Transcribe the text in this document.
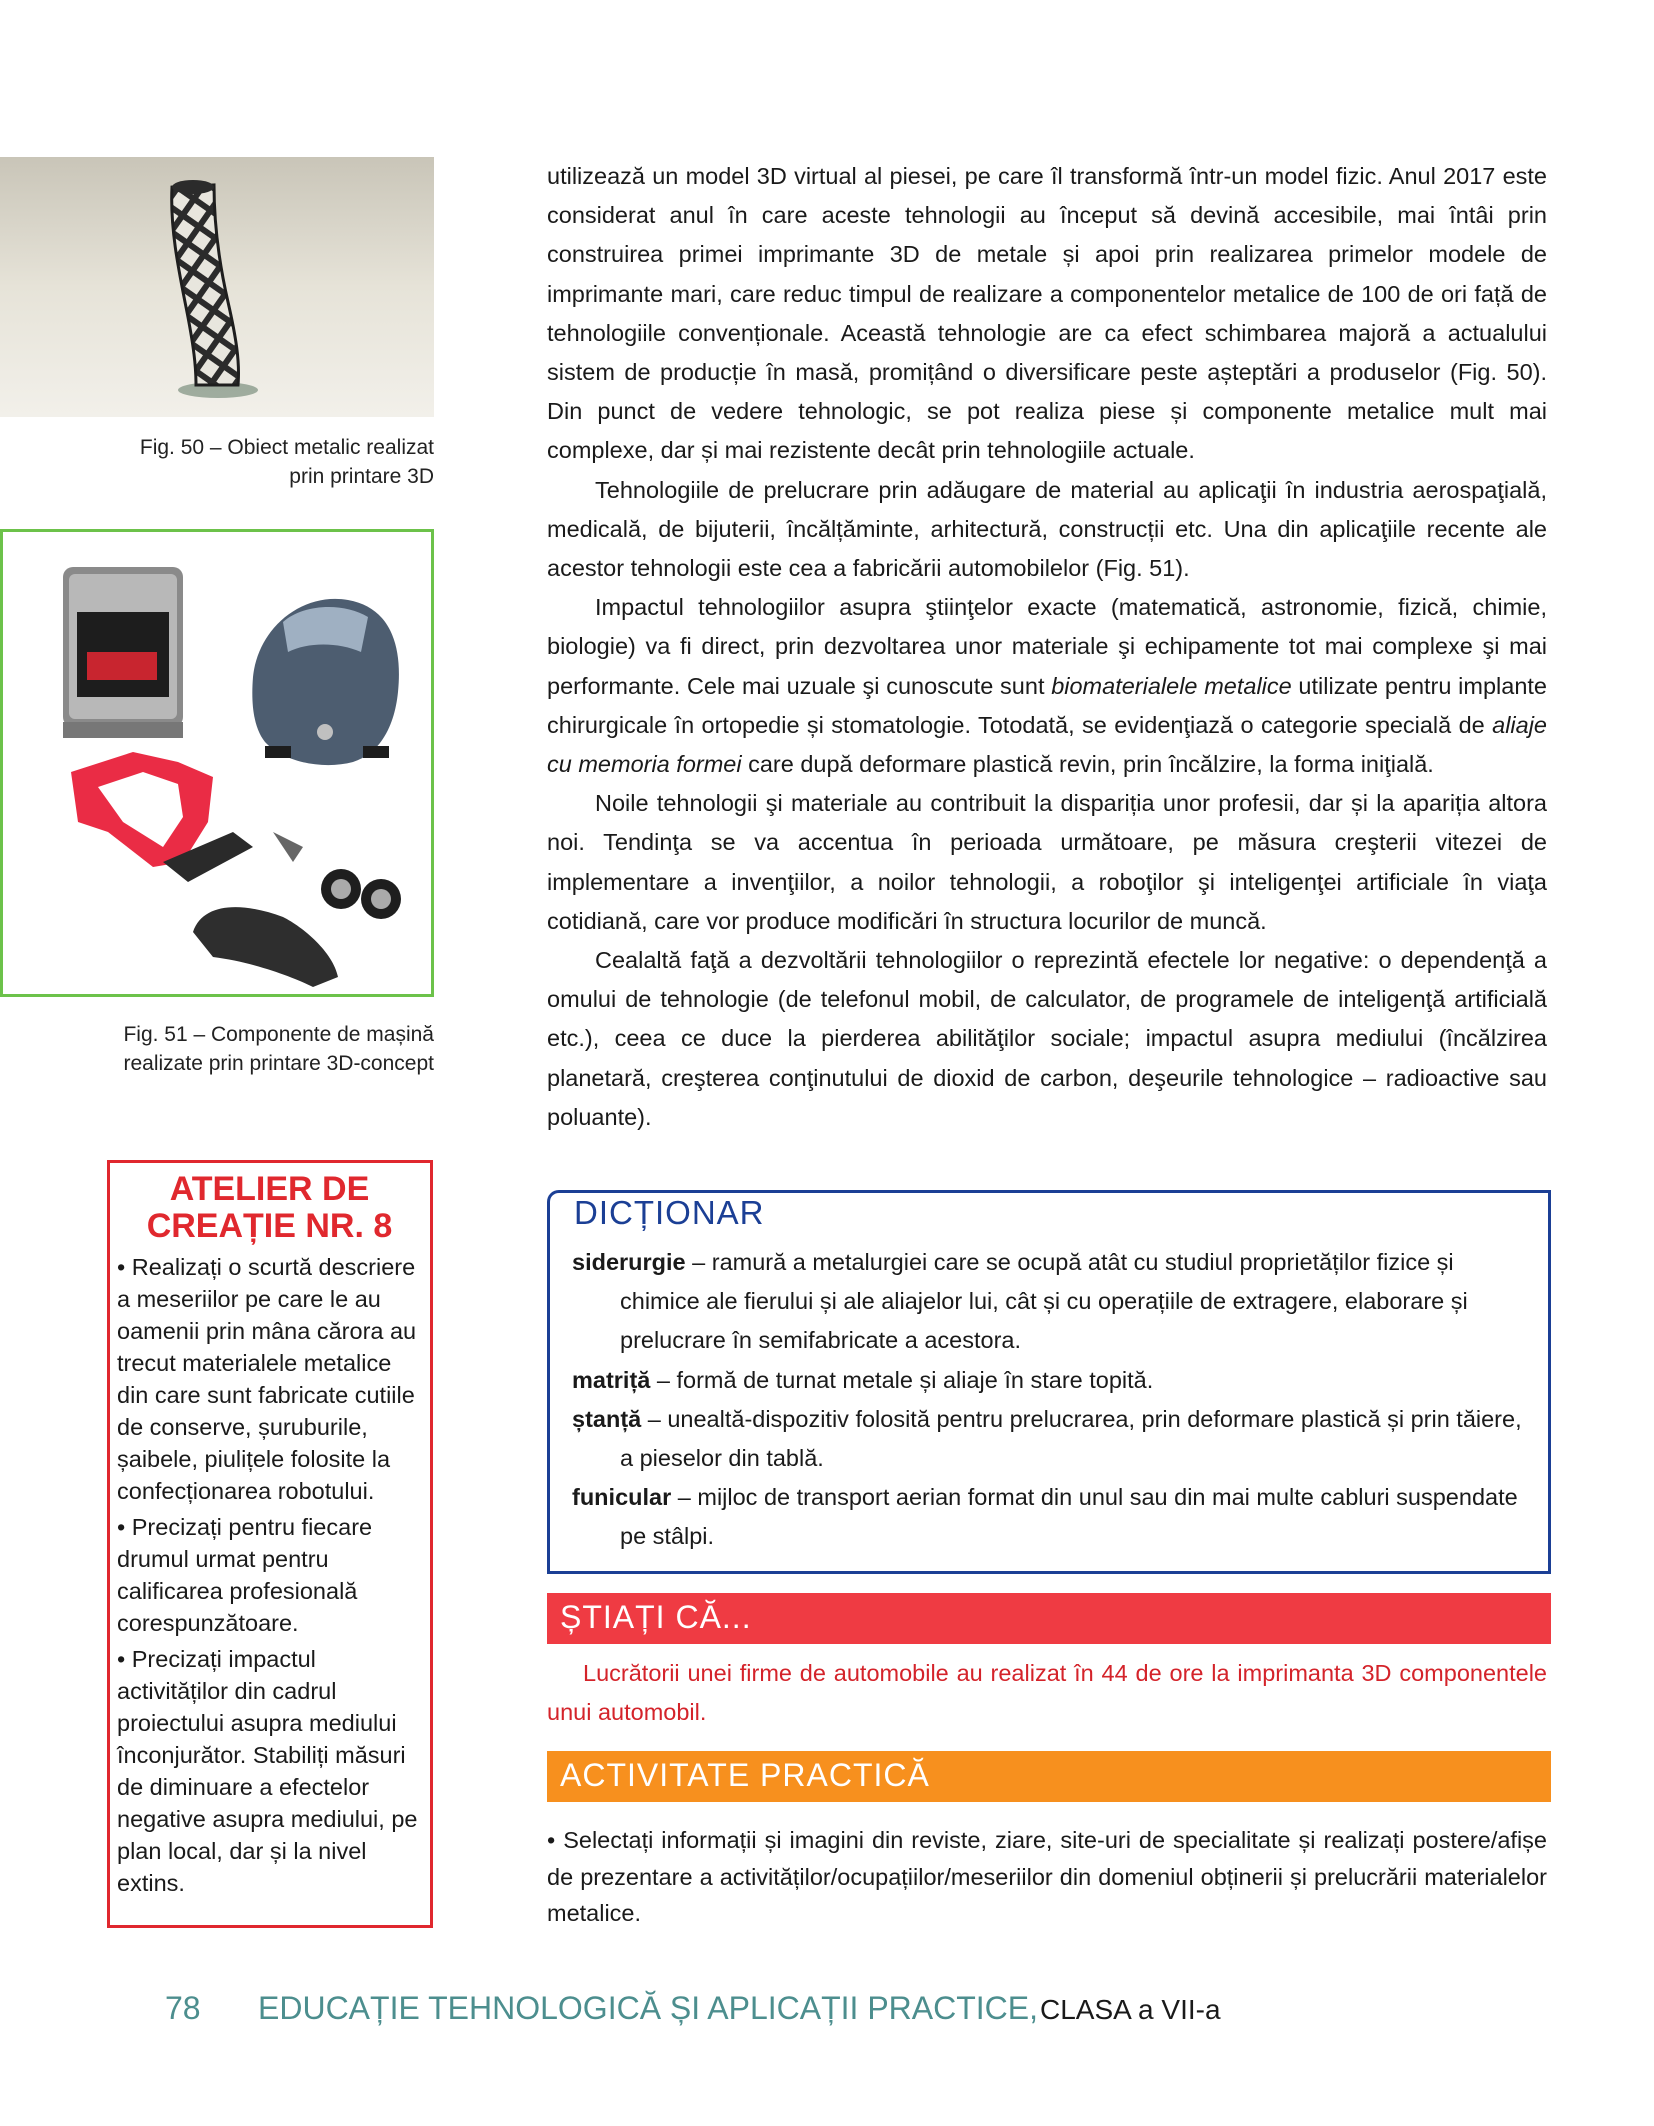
Fig. 50 – Obiect metalic realizat
prin printare 3D
Fig. 51 – Componente de mașină
realizate prin printare 3D-concept
ATELIER DE
CREAȚIE NR. 8

• Realizați o scurtă descriere a meseriilor pe care le au oamenii prin mâna cărora au trecut materialele metalice din care sunt fabricate cutiile de conserve, șuruburile, șaibele, piulițele folosite la confecționarea robotului.

• Precizați pentru fiecare drumul urmat pentru calificarea profesională corespunzătoare.

• Precizați impactul activităților din cadrul proiectului asupra mediului înconjurător. Stabiliți măsuri de diminuare a efectelor negative asupra mediului, pe plan local, dar și la nivel extins.

utilizează un model 3D virtual al piesei, pe care îl transformă într-un model fizic. Anul 2017 este considerat anul în care aceste tehnologii au început să devină accesibile, mai întâi prin construirea primei imprimante 3D de metale și apoi prin realizarea primelor modele de imprimante mari, care reduc timpul de realizare a componentelor metalice de 100 de ori față de tehnologiile convenționale. Această tehnologie are ca efect schimbarea majoră a actualului sistem de producție în masă, promițând o diversificare peste așteptări a produselor (Fig. 50). Din punct de vedere tehnologic, se pot realiza piese și componente metalice mult mai complexe, dar și mai rezistente decât prin tehnologiile actuale.

Tehnologiile de prelucrare prin adăugare de material au aplicaţii în industria aerospaţială, medicală, de bijuterii, încălțăminte, arhitectură, construcții etc. Una din aplicaţiile recente ale acestor tehnologii este cea a fabricării automobilelor (Fig. 51).

Impactul tehnologiilor asupra ştiinţelor exacte (matematică, astronomie, fizică, chimie, biologie) va fi direct, prin dezvoltarea unor materiale şi echipamente tot mai complexe şi mai performante. Cele mai uzuale şi cunoscute sunt biomaterialele metalice utilizate pentru implante chirurgicale în ortopedie și stomatologie. Totodată, se evidenţiază o categorie specială de aliaje cu memoria formei care după deformare plastică revin, prin încălzire, la forma iniţială.

Noile tehnologii şi materiale au contribuit la dispariția unor profesii, dar și la apariția altora noi. Tendinţa se va accentua în perioada următoare, pe măsura creşterii vitezei de implementare a invenţiilor, a noilor tehnologii, a roboţilor şi inteligenţei artificiale în viaţa cotidiană, care vor produce modificări în structura locurilor de muncă.

Cealaltă faţă a dezvoltării tehnologiilor o reprezintă efectele lor negative: o dependenţă a omului de tehnologie (de telefonul mobil, de calculator, de programele de inteligenţă artificială etc.), ceea ce duce la pierderea abilităţilor sociale; impactul asupra mediului (încălzirea planetară, creşterea conţinutului de dioxid de carbon, deşeurile tehnologice – radioactive sau poluante).

DICȚIONAR

siderurgie – ramură a metalurgiei care se ocupă atât cu studiul proprietăților fizice și chimice ale fierului și ale aliajelor lui, cât și cu operațiile de extragere, elaborare și prelucrare în semifabricate a acestora.

matriță – formă de turnat metale și aliaje în stare topită.

ștanță – unealtă-dispozitiv folosită pentru prelucrarea, prin deformare plastică și prin tăiere, a pieselor din tablă.

funicular – mijloc de transport aerian format din unul sau din mai multe cabluri suspendate pe stâlpi.

ȘTIAȚI CĂ...

Lucrătorii unei firme de automobile au realizat în 44 de ore la imprimanta 3D componentele unui automobil.

ACTIVITATE PRACTICĂ

• Selectați informații și imagini din reviste, ziare, site-uri de specialitate și realizați postere/afișe de prezentare a activităților/ocupațiilor/meseriilor din domeniul obținerii și prelucrării materialelor metalice.

78 EDUCAȚIE TEHNOLOGICĂ ȘI APLICAȚII PRACTICE, CLASA a VII-a
